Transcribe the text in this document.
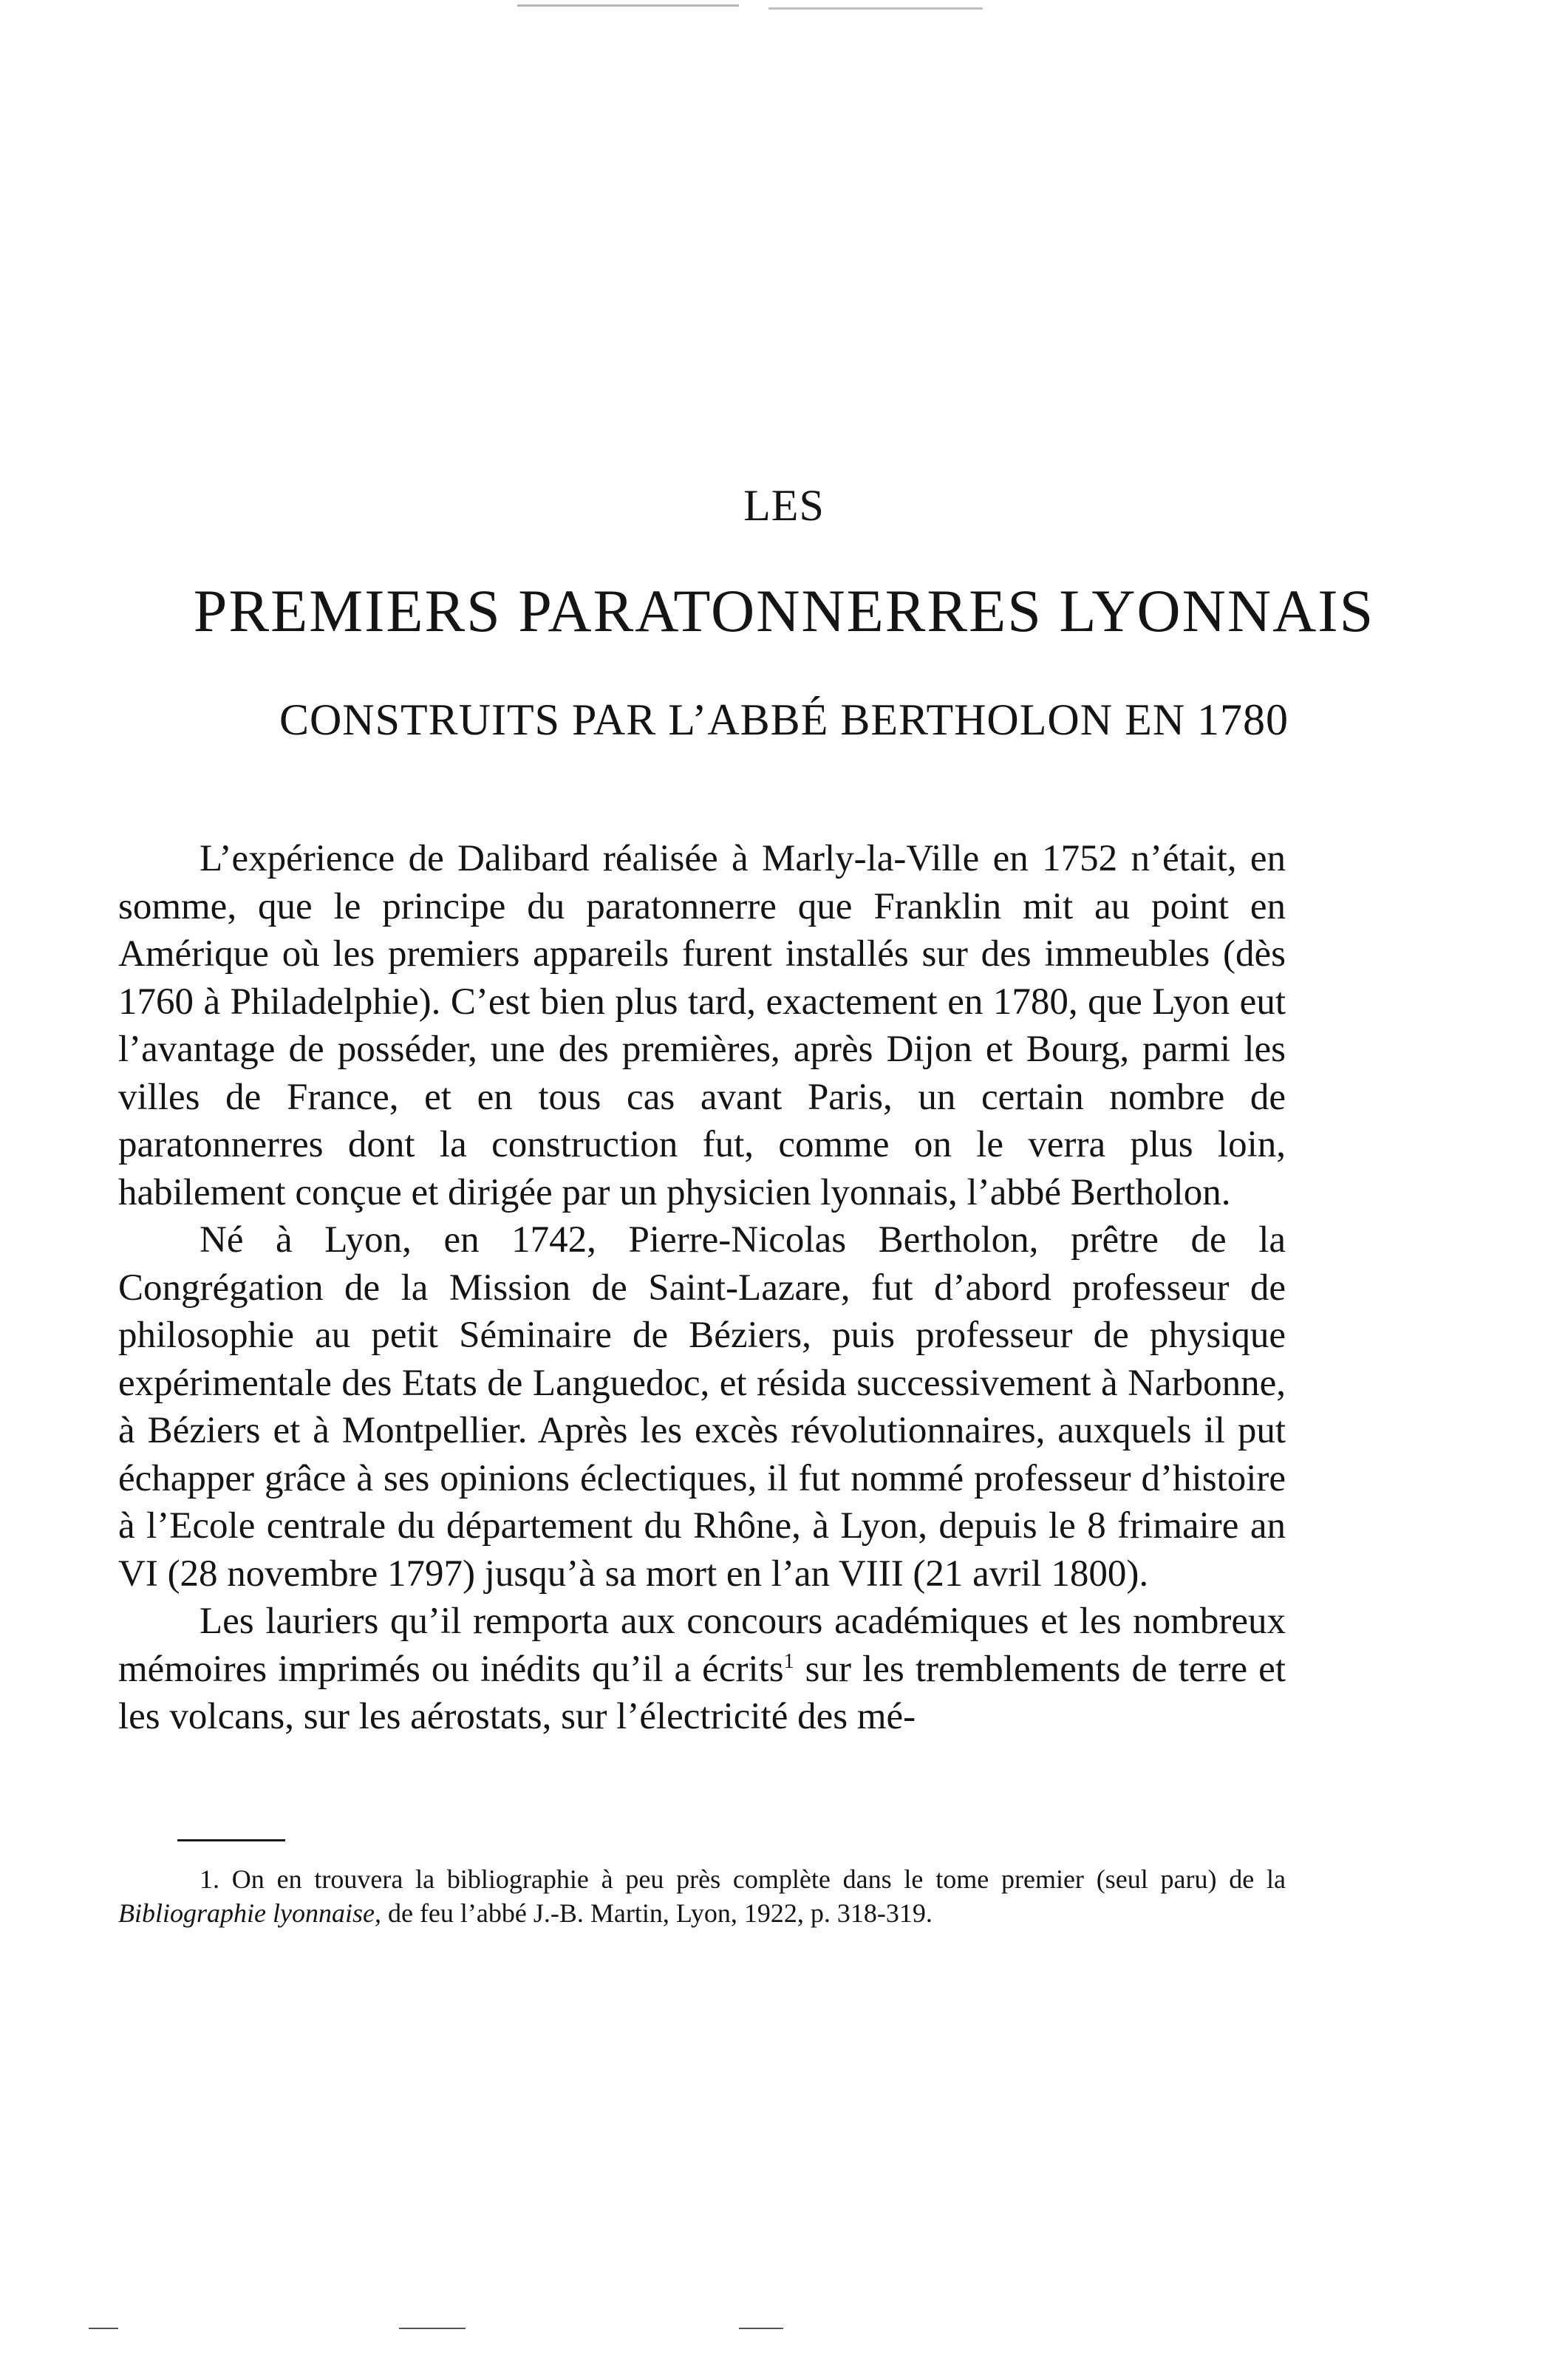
LES
PREMIERS PARATONNERRES LYONNAIS
CONSTRUITS PAR L’ABBÉ BERTHOLON EN 1780

L’expérience de Dalibard réalisée à Marly-la-Ville en 1752 n’était, en somme, que le principe du paratonnerre que Franklin mit au point en Amérique où les premiers appareils furent installés sur des immeubles (dès 1760 à Philadelphie). C’est bien plus tard, exactement en 1780, que Lyon eut l’avantage de posséder, une des premières, après Dijon et Bourg, parmi les villes de France, et en tous cas avant Paris, un certain nombre de paratonnerres dont la construction fut, comme on le verra plus loin, habilement conçue et dirigée par un physicien lyonnais, l’abbé Bertholon.

Né à Lyon, en 1742, Pierre-Nicolas Bertholon, prêtre de la Congrégation de la Mission de Saint-Lazare, fut d’abord professeur de philosophie au petit Séminaire de Béziers, puis professeur de physique expérimentale des Etats de Languedoc, et résida successivement à Narbonne, à Béziers et à Montpellier. Après les excès révolutionnaires, auxquels il put échapper grâce à ses opinions éclectiques, il fut nommé professeur d’histoire à l’Ecole centrale du département du Rhône, à Lyon, depuis le 8 frimaire an VI (28 novembre 1797) jusqu’à sa mort en l’an VIII (21 avril 1800).

Les lauriers qu’il remporta aux concours académiques et les nombreux mémoires imprimés ou inédits qu’il a écrits$^1$ sur les tremblements de terre et les volcans, sur les aérostats, sur l’électricité des mé-

1. On en trouvera la bibliographie à peu près complète dans le tome premier (seul paru) de la Bibliographie lyonnaise, de feu l’abbé J.-B. Martin, Lyon, 1922, p. 318-319.
